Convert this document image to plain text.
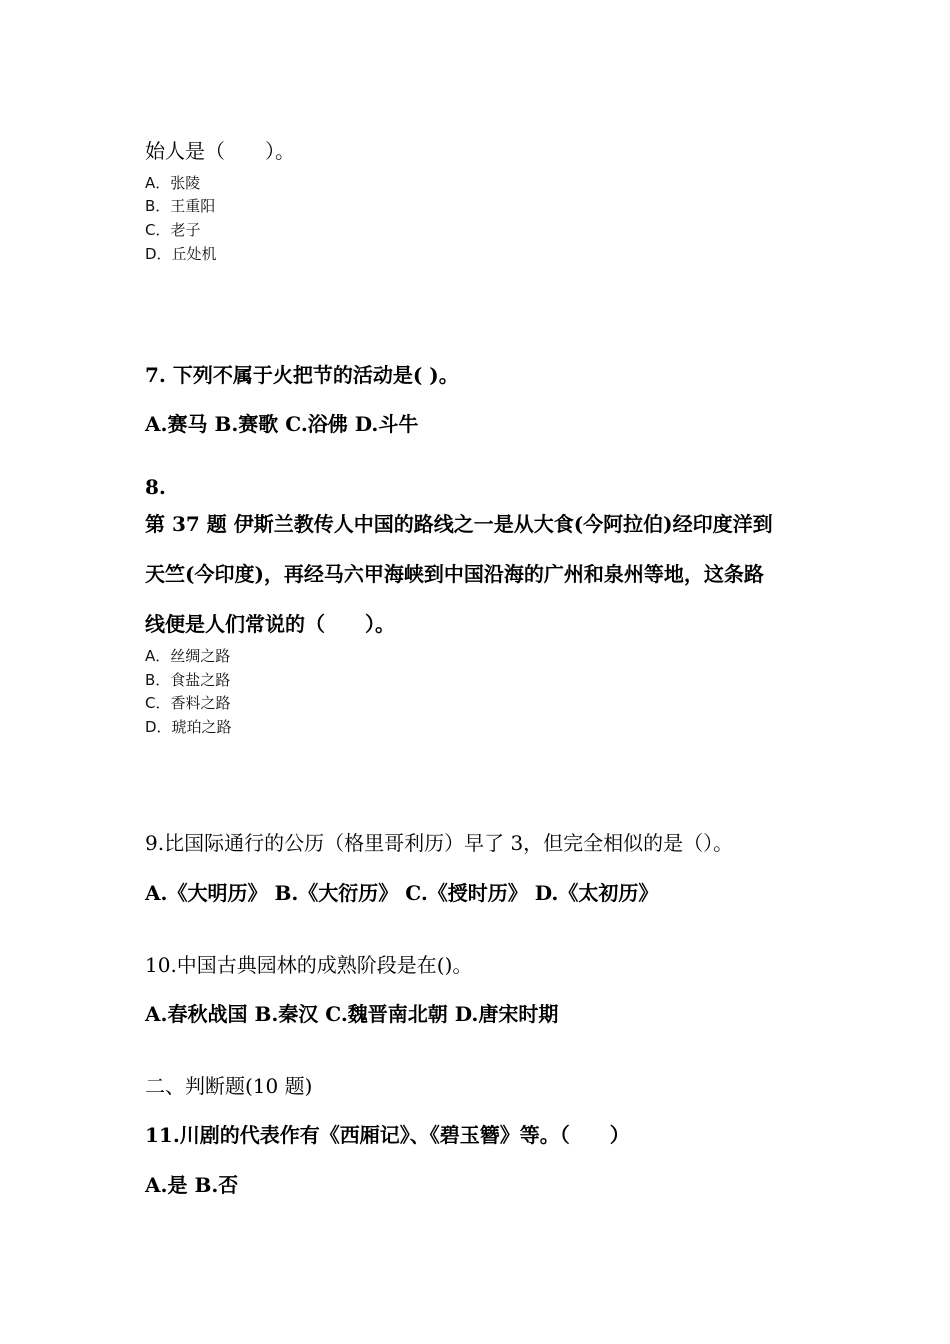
始人是（　　）。
A．张陵
B．王重阳
C．老子
D．丘处机
7. 下列不属于火把节的活动是( )。
A.赛马 B.赛歌 C.浴佛 D.斗牛
8.
第 37 题 伊斯兰教传人中国的路线之一是从大食(今阿拉伯)经印度洋到
天竺(今印度)，再经马六甲海峡到中国沿海的广州和泉州等地，这条路
线便是人们常说的（　　）。
A．丝绸之路
B．食盐之路
C．香料之路
D．琥珀之路
9.比国际通行的公历（格里哥利历）早了 3，但完全相似的是（）。
A.《大明历》 B.《大衍历》 C.《授时历》 D.《太初历》
10.中国古典园林的成熟阶段是在()。
A.春秋战国 B.秦汉 C.魏晋南北朝 D.唐宋时期
二、判断题(10 题)
11.川剧的代表作有《西厢记》、《碧玉簪》等。（　　）
A.是 B.否
